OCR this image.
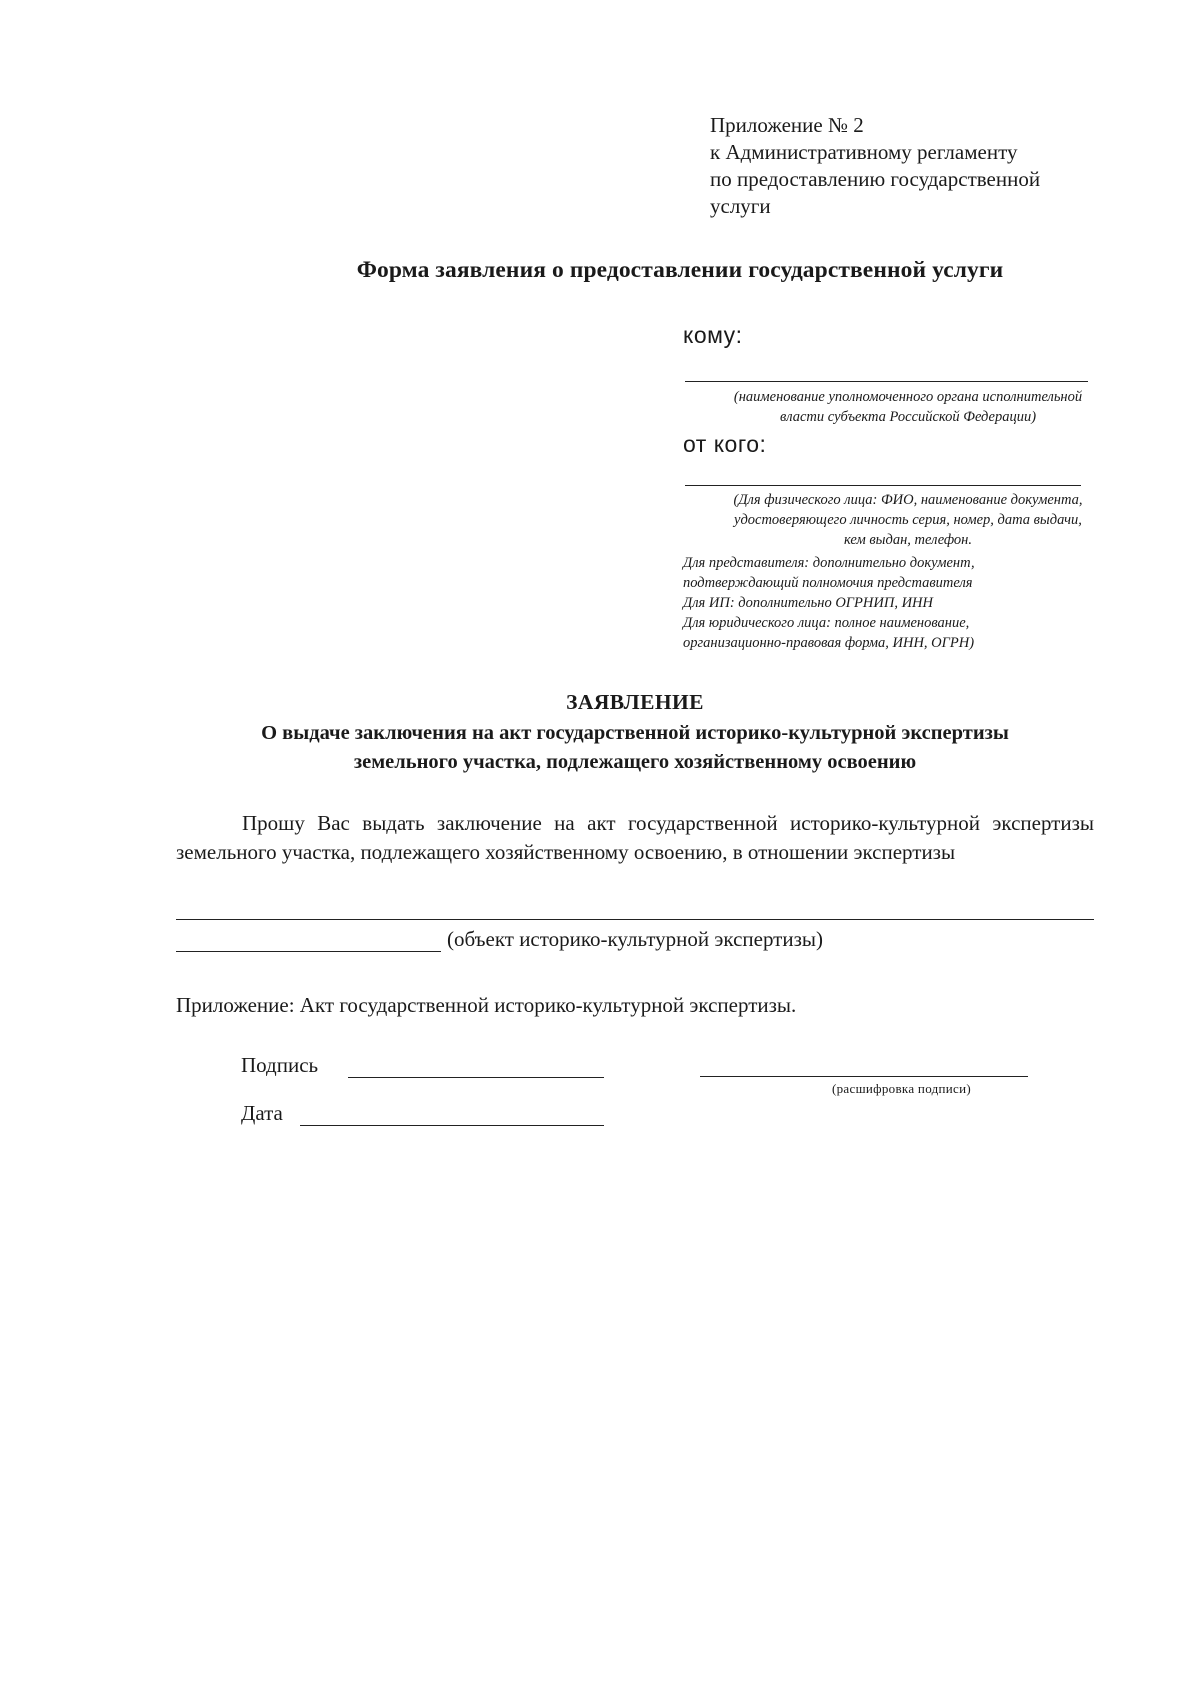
Приложение № 2
к Административному регламенту
по предоставлению государственной
услуги
Форма заявления о предоставлении государственной услуги
кому:
(наименование уполномоченного органа исполнительной
власти субъекта Российской Федерации)
от кого:
(Для физического лица: ФИО, наименование документа,
удостоверяющего личность серия, номер, дата выдачи,
кем выдан, телефон.
Для представителя: дополнительно документ,
подтверждающий полномочия представителя
Для ИП: дополнительно ОГРНИП, ИНН
Для юридического лица: полное наименование,
организационно-правовая форма, ИНН, ОГРН)
ЗАЯВЛЕНИЕ
О выдаче заключения на акт государственной историко-культурной экспертизы
земельного участка, подлежащего хозяйственному освоению

Прошу Вас выдать заключение на акт государственной историко-культурной экспертизы земельного участка, подлежащего хозяйственному освоению, в отношении экспертизы

(объект историко-культурной экспертизы)
Приложение: Акт государственной историко-культурной экспертизы.
Подпись
(расшифровка подписи)
Дата
